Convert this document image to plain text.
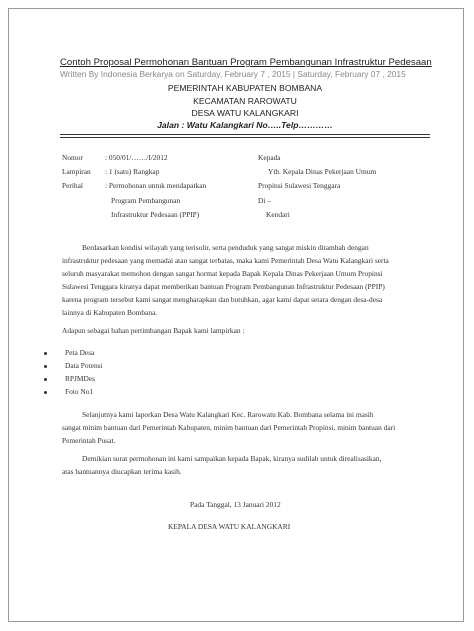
Contoh Proposal Permohonan Bantuan Program Pembangunan Infrastruktur Pedesaan
Written By Indonesia Berkarya on Saturday, February 7 , 2015 | Saturday, February 07 , 2015
PEMERINTAH KABUPATEN BOMBANA
KECAMATAN RAROWATU
DESA WATU KALANGKARI
Jalan : Watu Kalangkari No…..Telp…………
Nomor	: 050/01/……/I/2012
Lampiran : 1 (satu) Rangkap
Perihal	: Permohonan untuk mendapatkan
Program Pembangunan
Infrastruktur Pedesaan (PPIP)
Kepada
Yth. Kepala Dinas Pekerjaan Umum
Propinsi Sulawesi Tenggara
Di –
Kendari
Berdasarkan kondisi wilayah yang terisolir, serta penduduk yang sangat miskin ditambah dengan
infrastruktur pedesaan yang memadai atau sangat terbatas, maka kami Pemerintah Desa Watu Kalangkari serta
seluruh masyarakat memohon dengan sangat hormat kepada Bapak Kepala Dinas Pekerjaan Umum Propinsi
Sulawesi Tenggara kiranya dapat memberikan bantuan Program Pembangunan Infrastruktur Pedesaan (PPIP)
karena program tersebut kami sangat mengharapkan dan butuhkan, agar kami dapat setara dengan desa-desa
lainnya di Kabupaten Bombana.
Adapun sebagai bahan pertimbangan Bapak kami lampirkan :
Peta Desa
Data Potensi
RPJMDes
Foto No1
Selanjutnya kami laporkan Desa Watu Kalangkari Kec. Rarowatu Kab. Bombana selama ini masih
sangat minim bantuan dari Pemerintah Kabupaten, minim bantuan dari Pemerintah Propinsi, minim bantuan dari
Pemerintah Pusat.
Demikian surat permohonan ini kami sampaikan kepada Bapak, kiranya sudilah untuk direalisasikan,
atas bantuannya diucapkan terima kasih.
Pada Tanggal, 13 Januari 2012
KEPALA DESA WATU KALANGKARI
